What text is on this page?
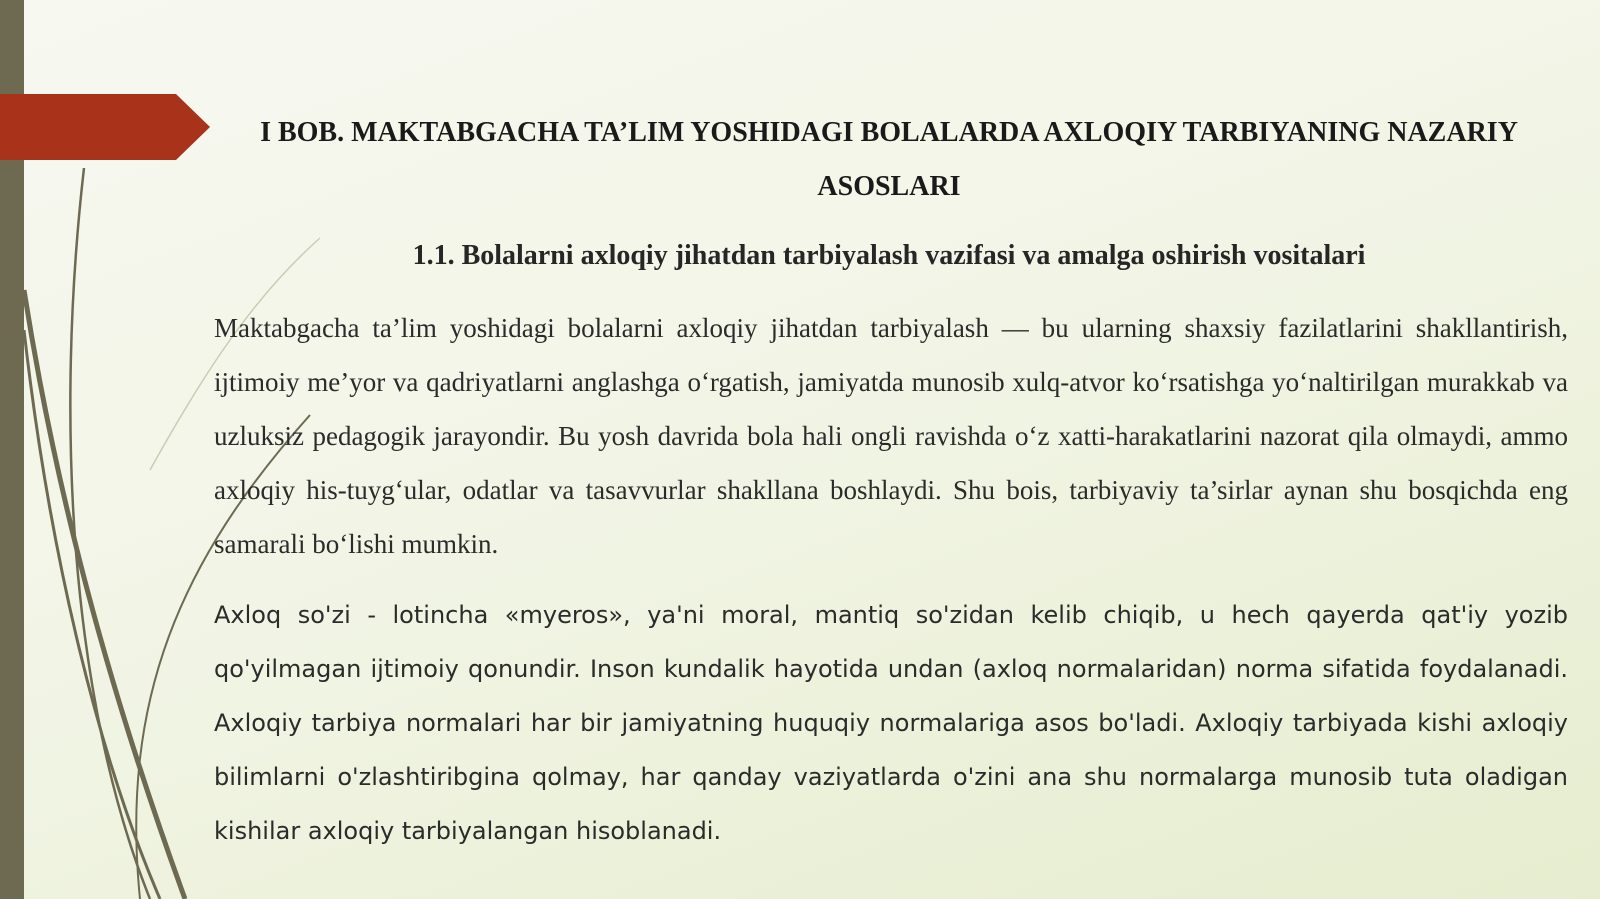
I BOB. MAKTABGACHA TA’LIM YOSHIDAGI BOLALARDA AXLOQIY TARBIYANING NAZARIY ASOSLARI
1.1. Bolalarni axloqiy jihatdan tarbiyalash vazifasi va amalga oshirish vositalari

Maktabgacha ta’lim yoshidagi bolalarni axloqiy jihatdan tarbiyalash — bu ularning shaxsiy fazilatlarini shakllantirish, ijtimoiy me’yor va qadriyatlarni anglashga o‘rgatish, jamiyatda munosib xulq-atvor ko‘rsatishga yo‘naltirilgan murakkab va uzluksiz pedagogik jarayondir. Bu yosh davrida bola hali ongli ravishda o‘z xatti-harakatlarini nazorat qila olmaydi, ammo axloqiy his-tuyg‘ular, odatlar va tasavvurlar shakllana boshlaydi. Shu bois, tarbiyaviy ta’sirlar aynan shu bosqichda eng samarali bo‘lishi mumkin.

Axloq so'zi - lotincha «myeros», ya'ni moral, mantiq so'zidan kelib chiqib, u hech qayerda qat'iy yozib qo'yilmagan ijtimoiy qonundir. Inson kundalik hayotida undan (axloq normalaridan) norma sifatida foydalanadi. Axloqiy tarbiya normalari har bir jamiyatning huquqiy normalariga asos bo'ladi. Axloqiy tarbiyada kishi axloqiy bilimlarni o'zlashtiribgina qolmay, har qanday vaziyatlarda o'zini ana shu normalarga munosib tuta oladigan kishilar axloqiy tarbiyalangan hisoblanadi.
